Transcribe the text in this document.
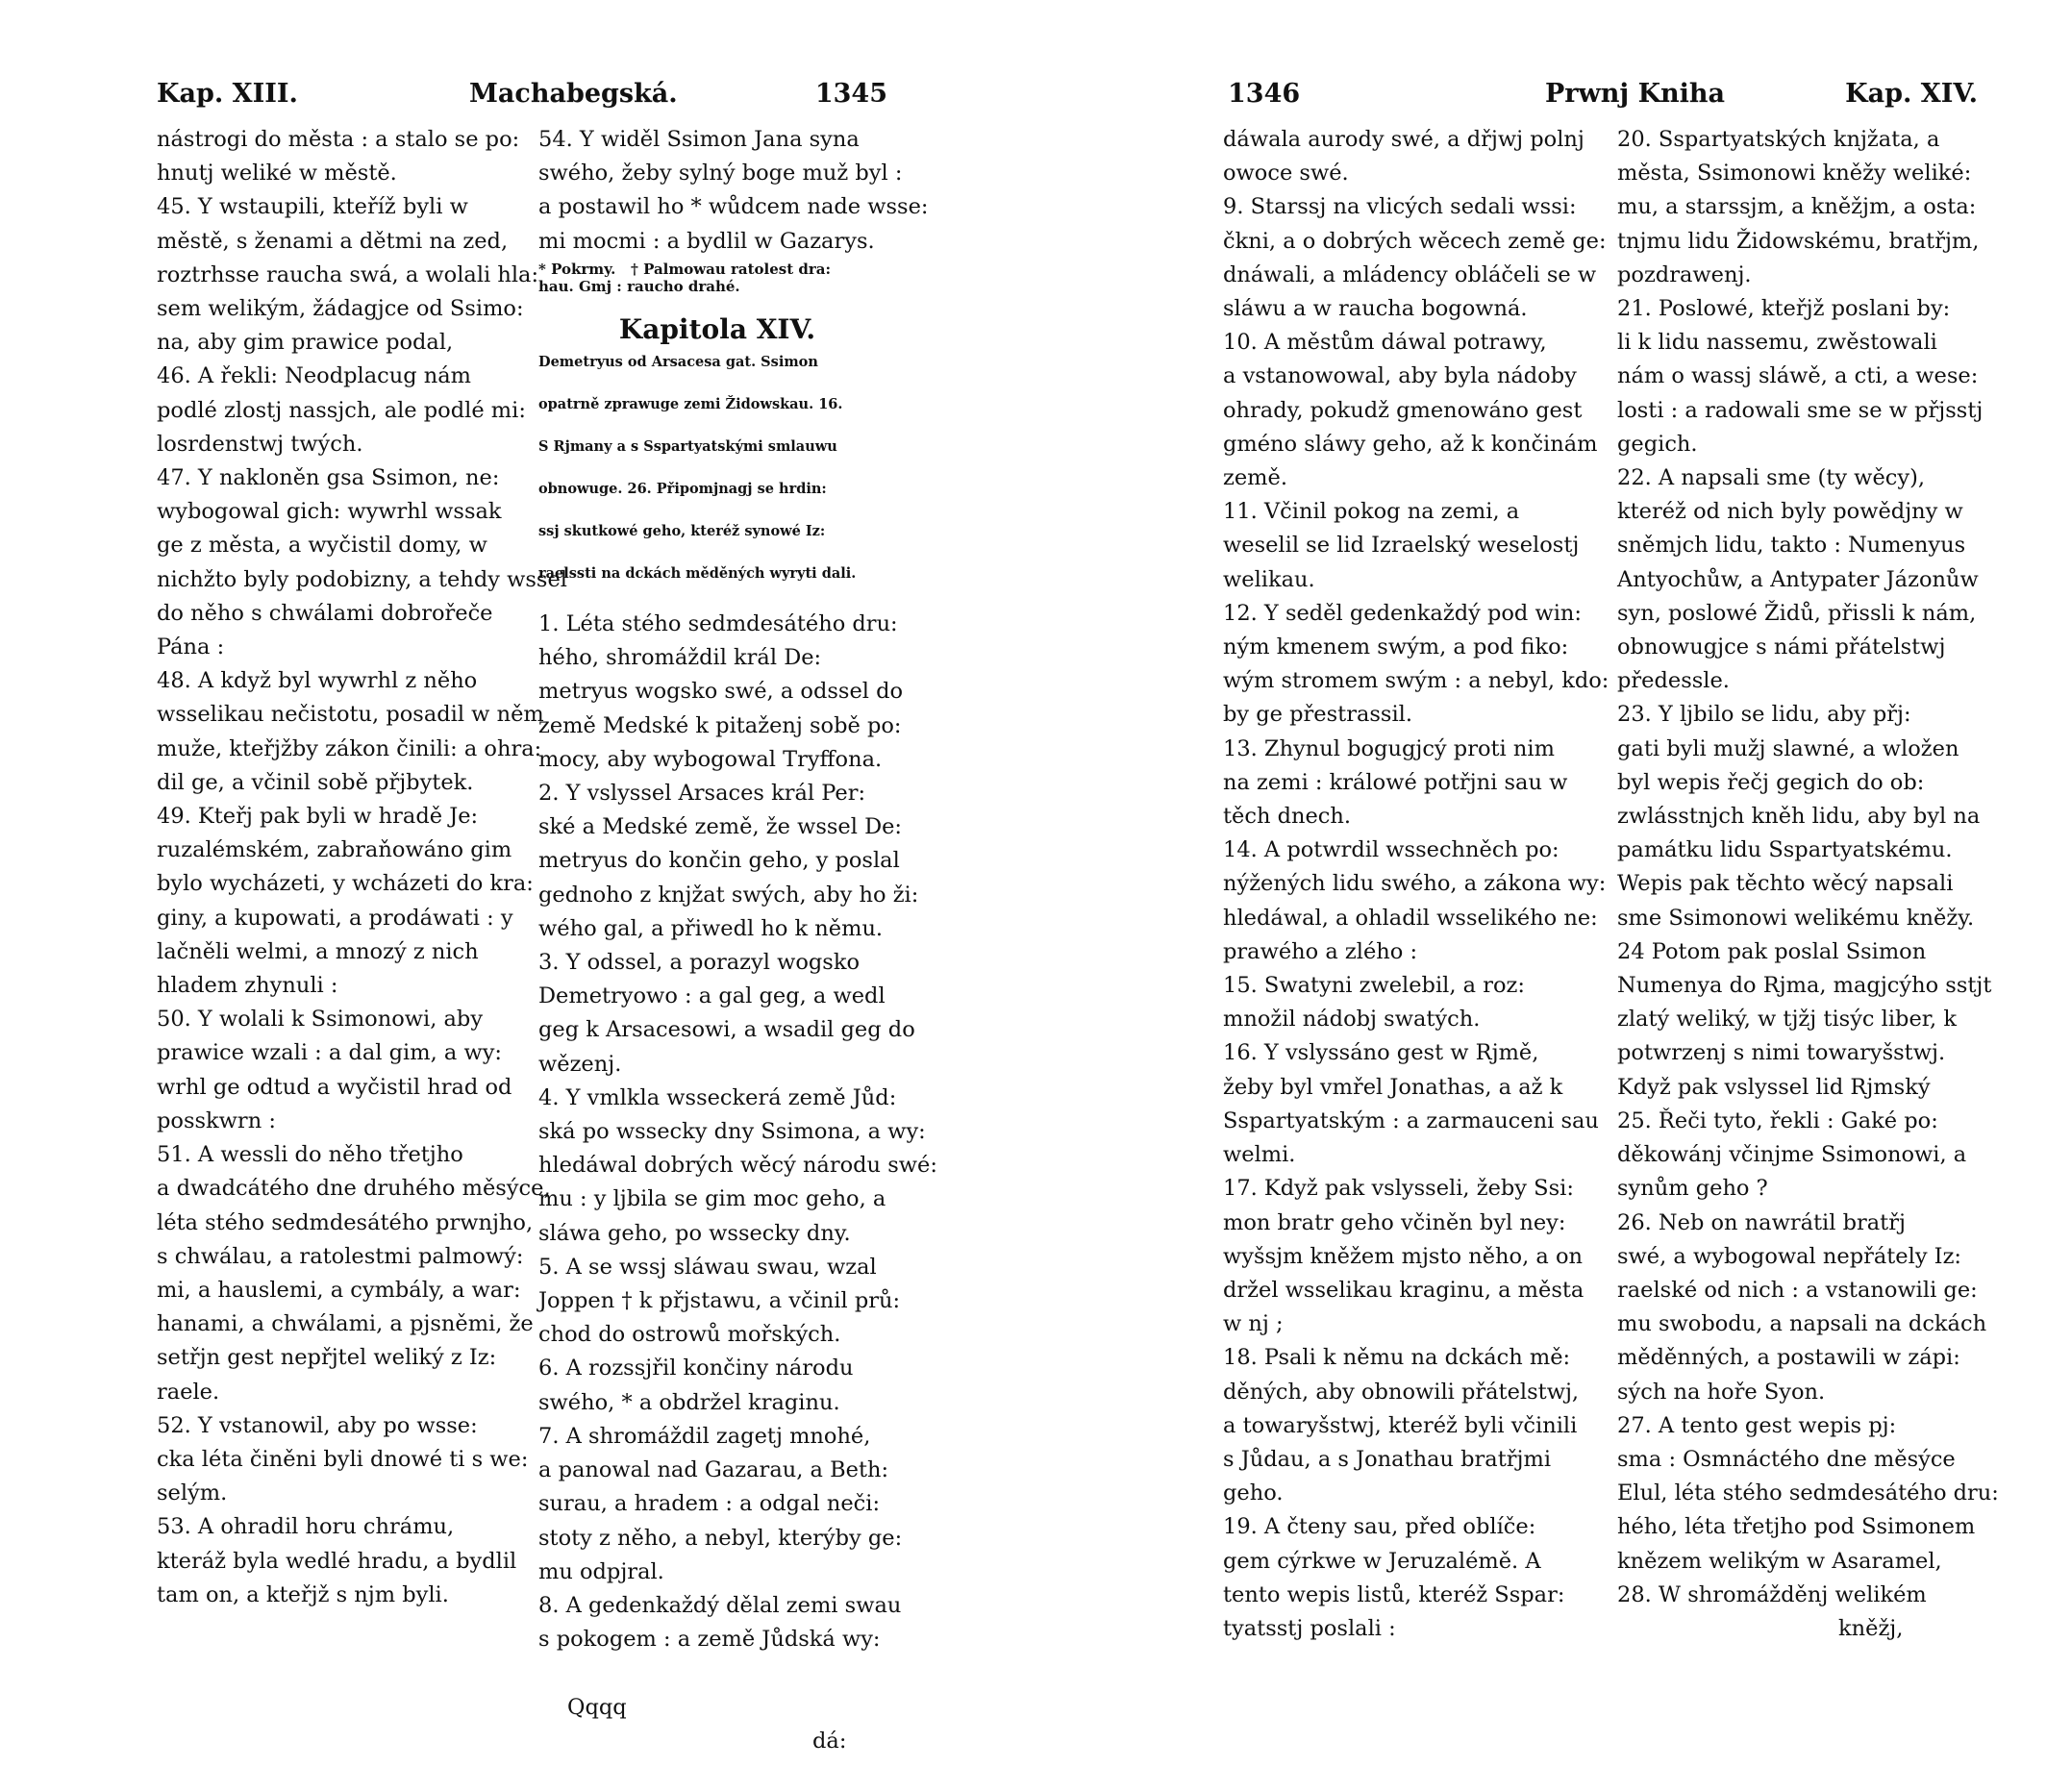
Kap. XIII.	Machabegská.	1345
nástrogi do města : a stalo se po:
hnutj weliké w městě.
45. Y wstaupili, kteříž byli w
městě, s ženami a dětmi na zed,
roztrhsse raucha swá, a wolali hla:
sem welikým, žádagjce od Ssimo:
na, aby gim prawice podal,
46. A řekli: Neodplacug nám
podlé zlostj nassjch, ale podlé mi:
losrdenstwj twých.
47. Y nakloněn gsa Ssimon, ne:
wybogowal gich: wywrhl wssak
ge z města, a wyčistil domy, w
nichžto byly podobizny, a tehdy wssel
do něho s chwálami dobrořeče
Pána :
48. A když byl wywrhl z něho
wsselikau nečistotu, posadil w něm
muže, kteřjžby zákon činili: a ohra:
dil ge, a včinil sobě přjbytek.
49. Kteřj pak byli w hradě Je:
ruzalémském, zabraňowáno gim
bylo wycházeti, y wcházeti do kra:
giny, a kupowati, a prodáwati : y
lačněli welmi, a mnozý z nich
hladem zhynuli :
50. Y wolali k Ssimonowi, aby
prawice wzali : a dal gim, a wy:
wrhl ge odtud a wyčistil hrad od
posskwrn :
51. A wessli do něho třetjho
a dwadcátého dne druhého měsýce,
léta stého sedmdesátého prwnjho,
s chwálau, a ratolestmi palmowý:
mi, a hauslemi, a cymbály, a war:
hanami, a chwálami, a pjsněmi, že
setřjn gest nepřjtel weliký z Iz:
raele.
52. Y vstanowil, aby po wsse:
cka léta činěni byli dnowé ti s we:
selým.
53. A ohradil horu chrámu,
kteráž byla wedlé hradu, a bydlil
tam on, a kteřjž s njm byli.
54. Y widěl Ssimon Jana syna
swého, žeby sylný boge muž byl :
a postawil ho * wůdcem nade wsse:
mi mocmi : a bydlil w Gazarys.
* Pokrmy.   † Palmowau ratolest dra:
hau. Gmj : raucho drahé.
Kapitola XIV.
Demetryus od Arsacesa gat. Ssimon
opatrně zprawuge zemi Židowskau. 16.
S Rjmany a s Sspartyatskými smlauwu
obnowuge. 26. Připomjnagj se hrdin:
ssj skutkowé geho, kteréž synowé Iz:
raelssti na dckách měděných wyryti dali.
1. Léta stého sedmdesátého dru:
hého, shromáždil král De:
metryus wogsko swé, a odssel do
země Medské k pitaženj sobě po:
mocy, aby wybogowal Tryffona.
2. Y vslyssel Arsaces král Per:
ské a Medské země, že wssel De:
metryus do končin geho, y poslal
gednoho z knjžat swých, aby ho ži:
wého gal, a přiwedl ho k němu.
3. Y odssel, a porazyl wogsko
Demetryowo : a gal geg, a wedl
geg k Arsacesowi, a wsadil geg do
wězenj.
4. Y vmlkla wsseckerá země Jůd:
ská po wssecky dny Ssimona, a wy:
hledáwal dobrých wěcý národu swé:
mu : y ljbila se gim moc geho, a
sláwa geho, po wssecky dny.
5. A se wssj sláwau swau, wzal
Joppen † k přjstawu, a včinil prů:
chod do ostrowů mořských.
6. A rozssjřil končiny národu
swého, * a obdržel kraginu.
7. A shromáždil zagetj mnohé,
a panowal nad Gazarau, a Beth:
surau, a hradem : a odgal neči:
stoty z něho, a nebyl, kterýby ge:
mu odpjral.
8. A gedenkaždý dělal zemi swau
s pokogem : a země Jůdská wy:

Qqqq

dá:

1346	Prwnj Kniha	Kap. XIV.
dáwala aurody swé, a dřjwj polnj
owoce swé.
9. Starssj na vlicých sedali wssi:
čkni, a o dobrých wěcech země ge:
dnáwali, a mládency obláčeli se w
sláwu a w raucha bogowná.
10. A městům dáwal potrawy,
a vstanowowal, aby byla nádoby
ohrady, pokudž gmenowáno gest
gméno sláwy geho, až k končinám
země.
11. Včinil pokog na zemi, a
weselil se lid Izraelský weselostj
welikau.
12. Y seděl gedenkaždý pod win:
ným kmenem swým, a pod fiko:
wým stromem swým : a nebyl, kdo:
by ge přestrassil.
13. Zhynul bogugjcý proti nim
na zemi : králowé potřjni sau w
těch dnech.
14. A potwrdil wssechněch po:
nýžených lidu swého, a zákona wy:
hledáwal, a ohladil wsselikého ne:
prawého a zlého :
15. Swatyni zwelebil, a roz:
množil nádobj swatých.
16. Y vslyssáno gest w Rjmě,
žeby byl vmřel Jonathas, a až k
Sspartyatským : a zarmauceni sau
welmi.
17. Když pak vslysseli, žeby Ssi:
mon bratr geho včiněn byl ney:
wyšsjm kněžem mjsto něho, a on
držel wsselikau kraginu, a města
w nj ;
18. Psali k němu na dckách mě:
děných, aby obnowili přátelstwj,
a towaryšstwj, kteréž byli včinili
s Jůdau, a s Jonathau bratřjmi
geho.
19. A čteny sau, před oblíče:
gem cýrkwe w Jeruzalémě. A
tento wepis listů, kteréž Sspar:
tyatsstj poslali :
20. Sspartyatských knjžata, a
města, Ssimonowi kněžy weliké:
mu, a starssjm, a kněžjm, a osta:
tnjmu lidu Židowskému, bratřjm,
pozdrawenj.
21. Poslowé, kteřjž poslani by:
li k lidu nassemu, zwěstowali
nám o wassj sláwě, a cti, a wese:
losti : a radowali sme se w přjsstj
gegich.
22. A napsali sme (ty wěcy),
kteréž od nich byly powědjny w
sněmjch lidu, takto : Numenyus
Antyochůw, a Antypater Jázonůw
syn, poslowé Židů, přissli k nám,
obnowugjce s námi přátelstwj
předessle.
23. Y ljbilo se lidu, aby přj:
gati byli mužj slawné, a wložen
byl wepis řečj gegich do ob:
zwlásstnjch kněh lidu, aby byl na
památku lidu Sspartyatskému.
Wepis pak těchto wěcý napsali
sme Ssimonowi welikému kněžy.
24 Potom pak poslal Ssimon
Numenya do Rjma, magjcýho sstjt
zlatý weliký, w tjžj tisýc liber, k
potwrzenj s nimi towaryšstwj.
Když pak vslyssel lid Rjmský
25. Řeči tyto, řekli : Gaké po:
děkowánj včinjme Ssimonowi, a
synům geho ?
26. Neb on nawrátil bratřj
swé, a wybogowal nepřátely Iz:
raelské od nich : a vstanowili ge:
mu swobodu, a napsali na dckách
měděnných, a postawili w zápi:
sých na hoře Syon.
27. A tento gest wepis pj:
sma : Osmnáctého dne měsýce
Elul, léta stého sedmdesátého dru:
hého, léta třetjho pod Ssimonem
knězem welikým w Asaramel,
28. W shromážděnj welikém
kněžj,
